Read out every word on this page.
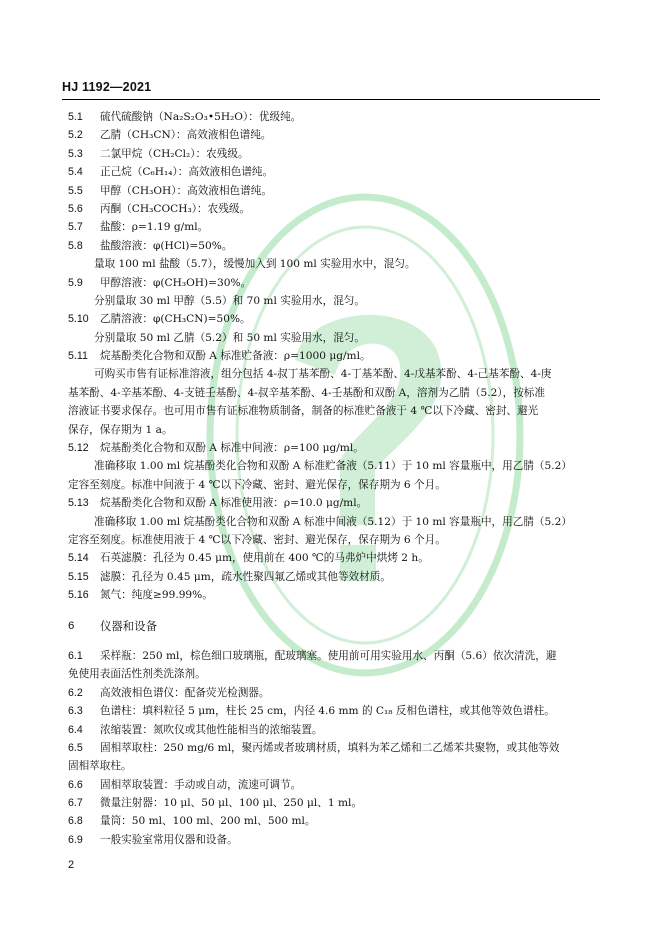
HJ 1192—2021
5.1 硫代硫酸钠（Na₂S₂O₃•5H₂O）：优级纯。
5.2 乙腈（CH₃CN）：高效液相色谱纯。
5.3 二氯甲烷（CH₂Cl₂）：农残级。
5.4 正己烷（C₆H₁₄）：高效液相色谱纯。
5.5 甲醇（CH₃OH）：高效液相色谱纯。
5.6 丙酮（CH₃COCH₃）：农残级。
5.7 盐酸：ρ=1.19 g/ml。
5.8 盐酸溶液：φ(HCl)=50%。
量取 100 ml 盐酸（5.7），缓慢加入到 100 ml 实验用水中，混匀。
5.9 甲醇溶液：φ(CH₃OH)=30%。
分别量取 30 ml 甲醇（5.5）和 70 ml 实验用水，混匀。
5.10 乙腈溶液：φ(CH₃CN)=50%。
分别量取 50 ml 乙腈（5.2）和 50 ml 实验用水，混匀。
5.11 烷基酚类化合物和双酚 A 标准贮备液：ρ=1000 μg/ml。
可购买市售有证标准溶液，组分包括 4-叔丁基苯酚、4-丁基苯酚、4-戊基苯酚、4-己基苯酚、4-庚
基苯酚、4-辛基苯酚、4-支链壬基酚、4-叔辛基苯酚、4-壬基酚和双酚 A，溶剂为乙腈（5.2），按标准
溶液证书要求保存。也可用市售有证标准物质制备，制备的标准贮备液于 4 ℃以下冷藏、密封、避光
保存，保存期为 1 a。
5.12 烷基酚类化合物和双酚 A 标准中间液：ρ=100 μg/ml。
准确移取 1.00 ml 烷基酚类化合物和双酚 A 标准贮备液（5.11）于 10 ml 容量瓶中，用乙腈（5.2）
定容至刻度。标准中间液于 4 ℃以下冷藏、密封、避光保存，保存期为 6 个月。
5.13 烷基酚类化合物和双酚 A 标准使用液：ρ=10.0 μg/ml。
准确移取 1.00 ml 烷基酚类化合物和双酚 A 标准中间液（5.12）于 10 ml 容量瓶中，用乙腈（5.2）
定容至刻度。标准使用液于 4 ℃以下冷藏、密封、避光保存，保存期为 6 个月。
5.14 石英滤膜：孔径为 0.45 μm，使用前在 400 ℃的马弗炉中烘烤 2 h。
5.15 滤膜：孔径为 0.45 μm，疏水性聚四氟乙烯或其他等效材质。
5.16 氮气：纯度≥99.99%。
6 仪器和设备
6.1 采样瓶：250 ml，棕色细口玻璃瓶，配玻璃塞。使用前可用实验用水、丙酮（5.6）依次清洗，避
免使用表面活性剂类洗涤剂。
6.2 高效液相色谱仪：配备荧光检测器。
6.3 色谱柱：填料粒径 5 μm，柱长 25 cm，内径 4.6 mm 的 C₁₈ 反相色谱柱，或其他等效色谱柱。
6.4 浓缩装置：氮吹仪或其他性能相当的浓缩装置。
6.5 固相萃取柱：250 mg/6 ml，聚丙烯或者玻璃材质，填料为苯乙烯和二乙烯苯共聚物，或其他等效
固相萃取柱。
6.6 固相萃取装置：手动或自动，流速可调节。
6.7 微量注射器：10 μl、50 μl、100 μl、250 μl、1 ml。
6.8 量筒：50 ml、100 ml、200 ml、500 ml。
6.9 一般实验室常用仪器和设备。
2
